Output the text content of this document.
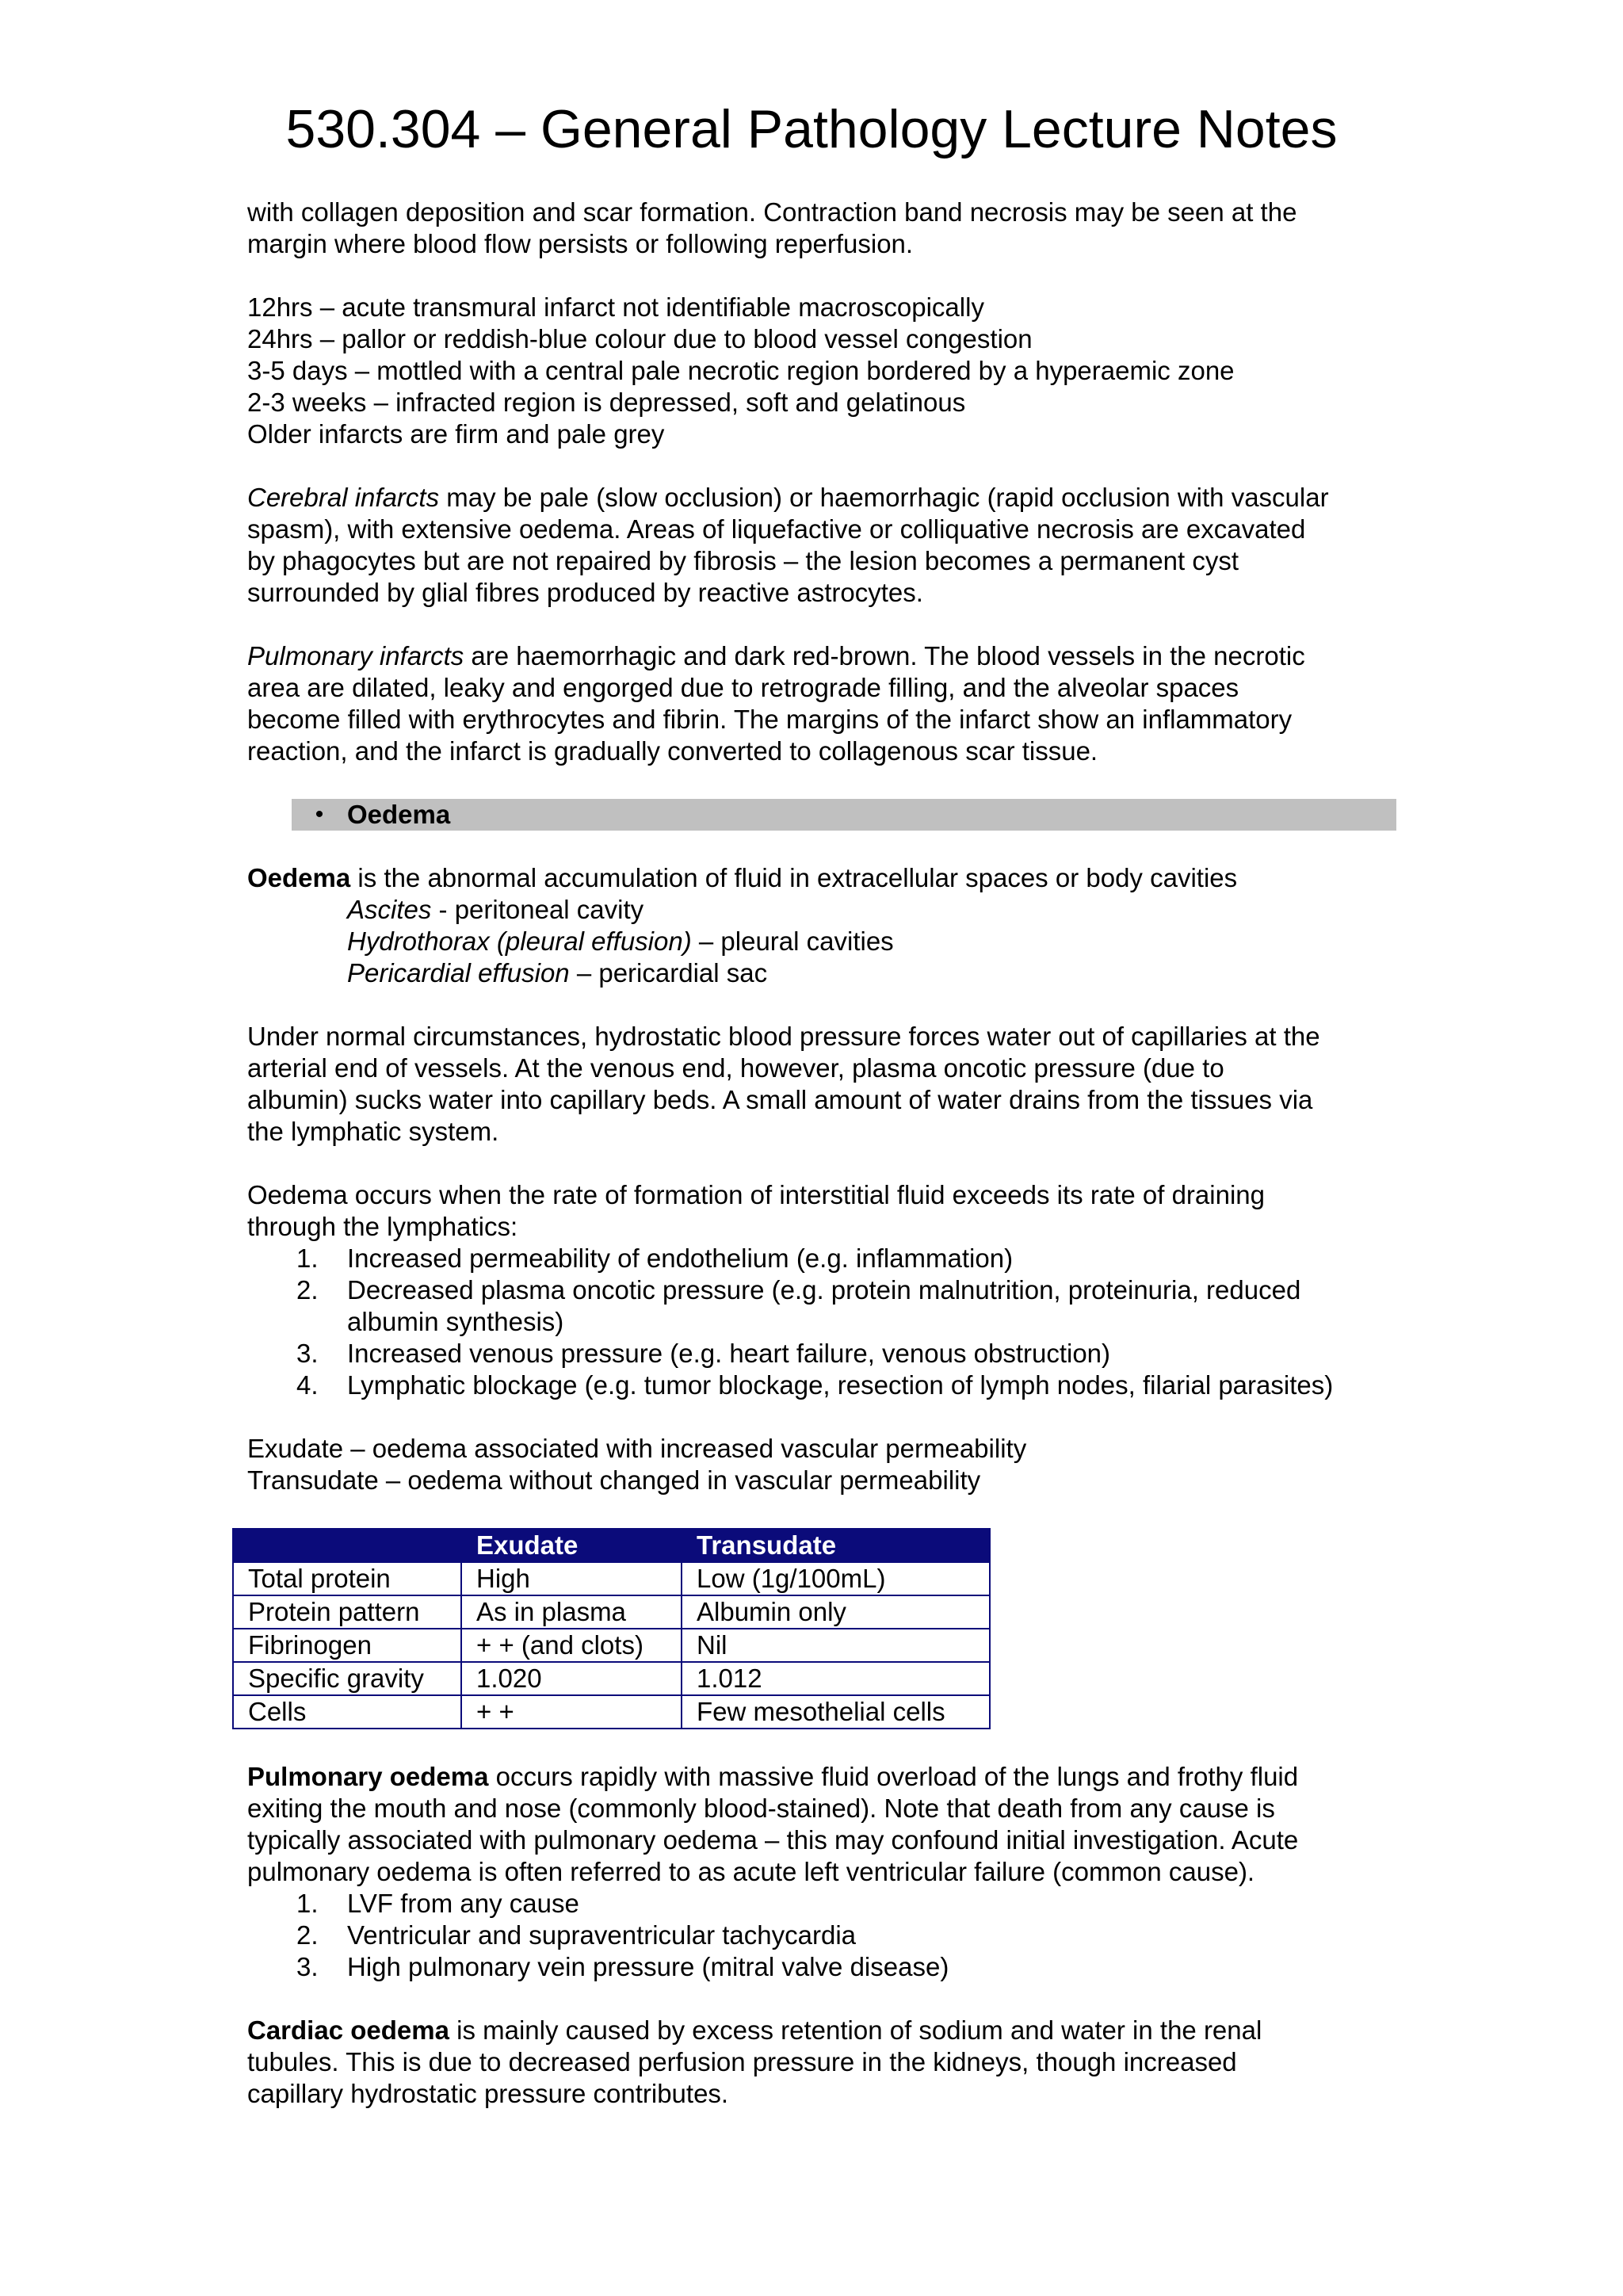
530.304 – General Pathology Lecture Notes

with collagen deposition and scar formation. Contraction band necrosis may be seen at the
margin where blood flow persists or following reperfusion.

12hrs – acute transmural infarct not identifiable macroscopically
24hrs – pallor or reddish-blue colour due to blood vessel congestion
3-5 days – mottled with a central pale necrotic region bordered by a hyperaemic zone
2-3 weeks – infracted region is depressed, soft and gelatinous
Older infarcts are firm and pale grey

Cerebral infarcts may be pale (slow occlusion) or haemorrhagic (rapid occlusion with vascular
spasm), with extensive oedema. Areas of liquefactive or colliquative necrosis are excavated
by phagocytes but are not repaired by fibrosis – the lesion becomes a permanent cyst
surrounded by glial fibres produced by reactive astrocytes.

Pulmonary infarcts are haemorrhagic and dark red-brown. The blood vessels in the necrotic
area are dilated, leaky and engorged due to retrograde filling, and the alveolar spaces
become filled with erythrocytes and fibrin. The margins of the infarct show an inflammatory
reaction, and the infarct is gradually converted to collagenous scar tissue.

• Oedema

Oedema is the abnormal accumulation of fluid in extracellular spaces or body cavities
Ascites - peritoneal cavity
Hydrothorax (pleural effusion) – pleural cavities
Pericardial effusion – pericardial sac

Under normal circumstances, hydrostatic blood pressure forces water out of capillaries at the
arterial end of vessels. At the venous end, however, plasma oncotic pressure (due to
albumin) sucks water into capillary beds. A small amount of water drains from the tissues via
the lymphatic system.

Oedema occurs when the rate of formation of interstitial fluid exceeds its rate of draining
through the lymphatics:
1. Increased permeability of endothelium (e.g. inflammation)
2. Decreased plasma oncotic pressure (e.g. protein malnutrition, proteinuria, reduced
albumin synthesis)
3. Increased venous pressure (e.g. heart failure, venous obstruction)
4. Lymphatic blockage (e.g. tumor blockage, resection of lymph nodes, filarial parasites)

Exudate – oedema associated with increased vascular permeability
Transudate – oedema without changed in vascular permeability

	Exudate	Transudate
Total protein	High	Low (1g/100mL)
Protein pattern	As in plasma	Albumin only
Fibrinogen	+ + (and clots)	Nil
Specific gravity	1.020	1.012
Cells	+ +	Few mesothelial cells
Pulmonary oedema occurs rapidly with massive fluid overload of the lungs and frothy fluid
exiting the mouth and nose (commonly blood-stained). Note that death from any cause is
typically associated with pulmonary oedema – this may confound initial investigation. Acute
pulmonary oedema is often referred to as acute left ventricular failure (common cause).
1. LVF from any cause
2. Ventricular and supraventricular tachycardia
3. High pulmonary vein pressure (mitral valve disease)

Cardiac oedema is mainly caused by excess retention of sodium and water in the renal
tubules. This is due to decreased perfusion pressure in the kidneys, though increased
capillary hydrostatic pressure contributes.
